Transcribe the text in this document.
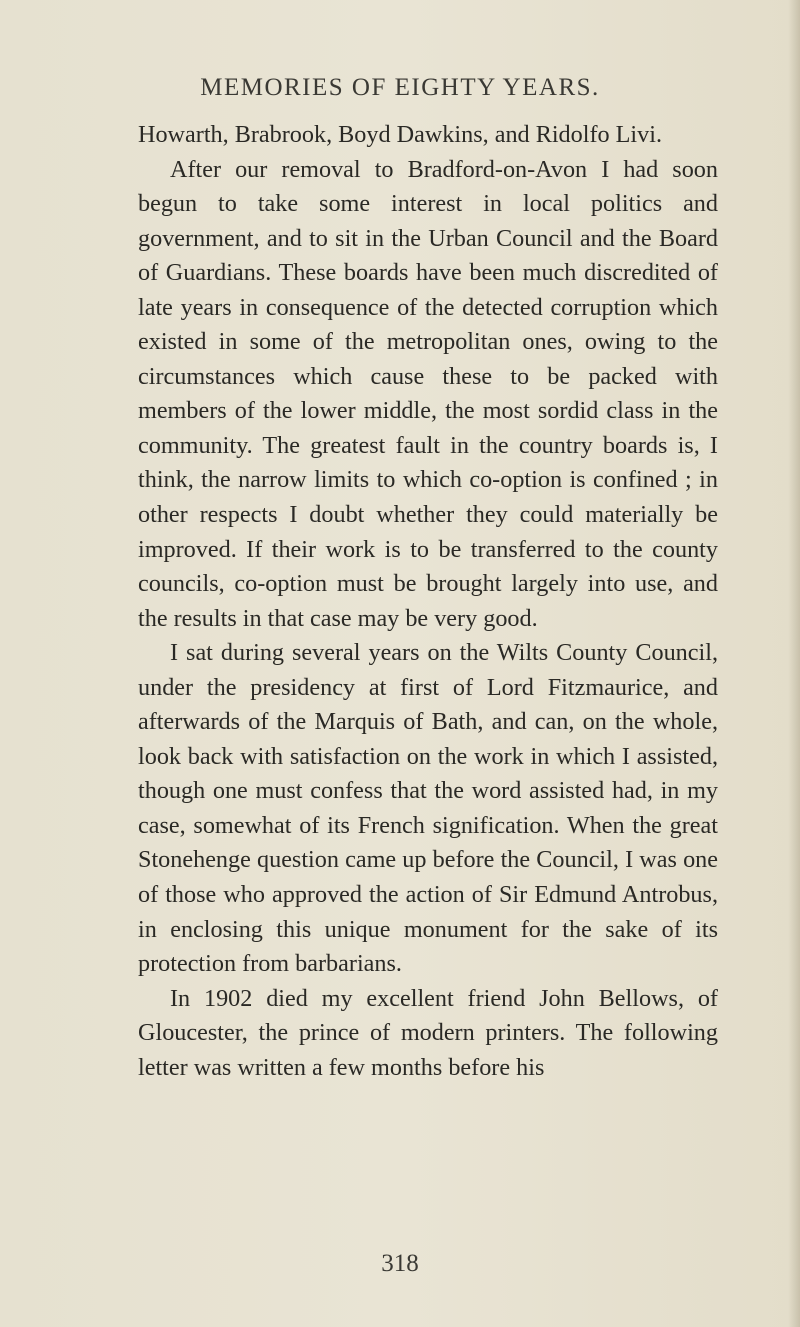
MEMORIES OF EIGHTY YEARS.

Howarth, Brabrook, Boyd Dawkins, and Ridolfo Livi.

After our removal to Bradford-on-Avon I had soon begun to take some interest in local politics and government, and to sit in the Urban Council and the Board of Guardians. These boards have been much discredited of late years in consequence of the detected corruption which existed in some of the metropolitan ones, owing to the circumstances which cause these to be packed with members of the lower middle, the most sordid class in the community. The greatest fault in the country boards is, I think, the narrow limits to which co-option is confined ; in other respects I doubt whether they could materially be improved. If their work is to be transferred to the county councils, co-option must be brought largely into use, and the results in that case may be very good.

I sat during several years on the Wilts County Council, under the presidency at first of Lord Fitzmaurice, and afterwards of the Marquis of Bath, and can, on the whole, look back with satisfaction on the work in which I assisted, though one must confess that the word assisted had, in my case, somewhat of its French signification. When the great Stonehenge question came up before the Council, I was one of those who approved the action of Sir Edmund Antrobus, in enclosing this unique monument for the sake of its protection from barbarians.

In 1902 died my excellent friend John Bellows, of Gloucester, the prince of modern printers. The following letter was written a few months before his

318
